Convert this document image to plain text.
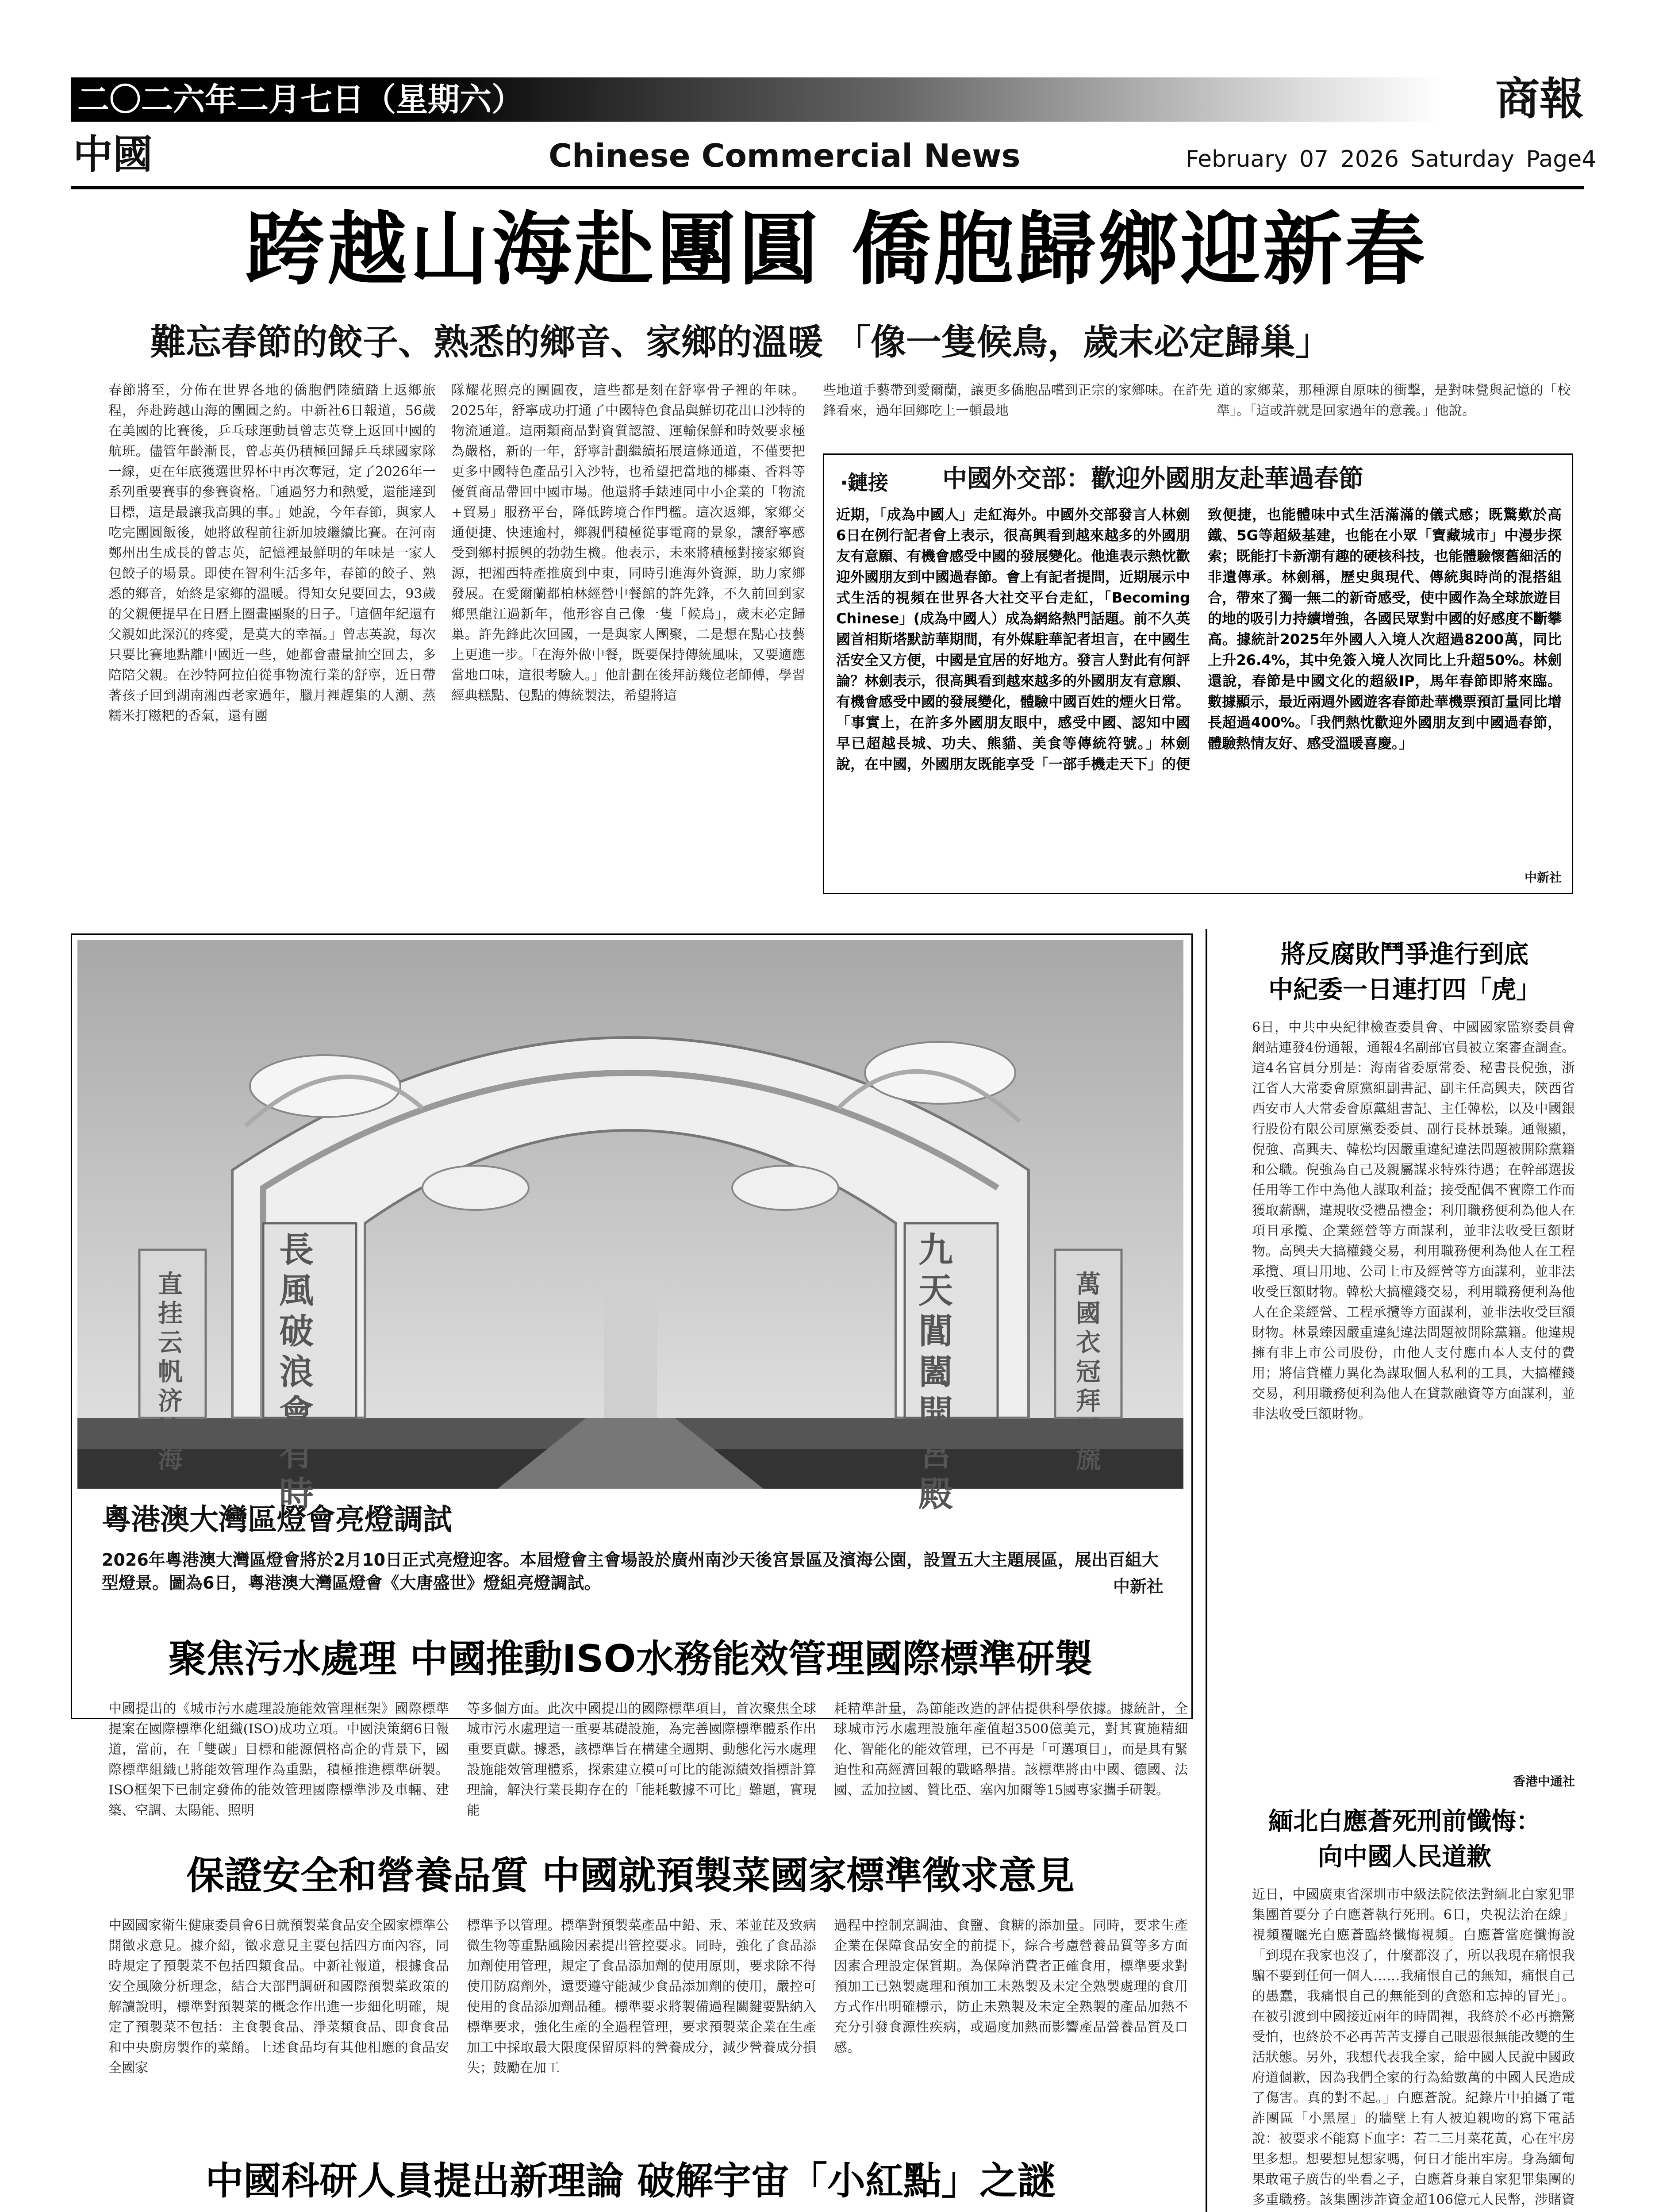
二〇二六年二月七日（星期六）	商報
中國	Chinese Commercial News	February 07 2026 Saturday Page4
跨越山海赴團圓 僑胞歸鄉迎新春
難忘春節的餃子、熟悉的鄉音、家鄉的溫暖 「像一隻候鳥，歲末必定歸巢」
春節將至，分佈在世界各地的僑胞們陸續踏上返鄉旅程，奔赴跨越山海的團圓之約。中新社6日報道，56歲在美國的比賽後，乒乓球運動員曾志英登上返回中國的航班。儘管年齡漸長，曾志英仍積極回歸乒乓球國家隊一線，更在年底獲選世界杯中再次奪冠，定了2026年一系列重要賽事的參賽資格。「通過努力和熱愛，還能達到目標，這是最讓我高興的事。」她說，今年春節，與家人吃完團圓飯後，她將啟程前往新加坡繼續比賽。在河南鄭州出生成長的曾志英，記憶裡最鮮明的年味是一家人包餃子的場景。即使在智利生活多年，春節的餃子、熟悉的鄉音，始終是家鄉的溫暖。得知女兒要回去，93歲的父親便提早在日曆上圈畫團聚的日子。「這個年紀還有父親如此深沉的疼愛，是莫大的幸福。」曾志英說，每次只要比賽地點離中國近一些，她都會盡量抽空回去，多陪陪父親。在沙特阿拉伯從事物流行業的舒寧，近日帶著孩子回到湖南湘西老家過年，臘月裡趕集的人潮、蒸糯米打糍粑的香氣，還有團
隊耀花照亮的團圓夜，這些都是刻在舒寧骨子裡的年味。2025年，舒寧成功打通了中國特色食品與鮮切花出口沙特的物流通道。這兩類商品對資質認證、運輸保鮮和時效要求極為嚴格，新的一年，舒寧計劃繼續拓展這條通道，不僅要把更多中國特色產品引入沙特，也希望把當地的椰棗、香料等優質商品帶回中國市場。他還將手錶連同中小企業的「物流+貿易」服務平台，降低跨境合作門檻。這次返鄉，家鄉交通便捷、快速逾村，鄉親們積極從事電商的景象，讓舒寧感受到鄉村振興的勃勃生機。他表示，未來將積極對接家鄉資源，把湘西特產推廣到中東，同時引進海外資源，助力家鄉發展。在愛爾蘭都柏林經營中餐館的許先鋒，不久前回到家鄉黑龍江過新年，他形容自己像一隻「候鳥」，歲末必定歸巢。許先鋒此次回國，一是與家人團聚，二是想在點心技藝上更進一步。「在海外做中餐，既要保持傳統風味，又要適應當地口味，這很考驗人。」他計劃在後拜訪幾位老師傅，學習經典糕點、包點的傳統製法，希望將這
些地道手藝帶到愛爾蘭，讓更多僑胞品嚐到正宗的家鄉味。在許先鋒看來，過年回鄉吃上一頓最地
道的家鄉菜，那種源自原味的衝擊，是對味覺與記憶的「校準」。「這或許就是回家過年的意義。」他說。
‧鏈接 中國外交部：歡迎外國朋友赴華過春節
近期，「成為中國人」走紅海外。中國外交部發言人林劍6日在例行記者會上表示，很高興看到越來越多的外國朋友有意願、有機會感受中國的發展變化。他進表示熱忱歡迎外國朋友到中國過春節。會上有記者提問，近期展示中式生活的視頻在世界各大社交平台走紅，「Becoming Chinese」(成為中國人）成為網絡熱門話題。前不久英國首相斯塔默訪華期間，有外媒駐華記者坦言，在中國生活安全又方便，中國是宜居的好地方。發言人對此有何評論？林劍表示，很高興看到越來越多的外國朋友有意願、有機會感受中國的發展變化，體驗中國百姓的煙火日常。「事實上，在許多外國朋友眼中，感受中國、認知中國早已超越長城、功夫、熊貓、美食等傳統符號。」林劍說，在中國，外國朋友既能享受「一部手機走天下」的便
致便捷，也能體味中式生活滿滿的儀式感；既驚歎於高鐵、5G等超級基建，也能在小眾「寶藏城市」中漫步探索；既能打卡新潮有趣的硬核科技，也能體驗懷舊細活的非遺傳承。林劍稱，歷史與現代、傳統與時尚的混搭組合，帶來了獨一無二的新奇感受，使中國作為全球旅遊目的地的吸引力持續增強，各國民眾對中國的好感度不斷攀高。據統計2025年外國人入境人次超過8200萬，同比上升26.4%，其中免簽入境人次同比上升超50%。林劍還說，春節是中國文化的超級IP，馬年春節即將來臨。數據顯示，最近兩週外國遊客春節赴華機票預訂量同比增長超過400%。「我們熱忱歡迎外國朋友到中國過春節，體驗熱情友好、感受溫暖喜慶。」
中新社
長風破浪會有時
直挂云帆济沧海
九天閶闔開宮殿
萬國衣冠拜冕旒
粵港澳大灣區燈會亮燈調試
2026年粵港澳大灣區燈會將於2月10日正式亮燈迎客。本屆燈會主會場設於廣州南沙天後宮景區及濱海公園，設置五大主題展區，展出百組大型燈景。圖為6日，粵港澳大灣區燈會《大唐盛世》燈組亮燈調試。	中新社
聚焦污水處理 中國推動ISO水務能效管理國際標準研製
中國提出的《城市污水處理設施能效管理框架》國際標準提案在國際標準化組織(ISO)成功立項。中國決策網6日報道，當前，在「雙碳」目標和能源價格高企的背景下，國際標準組織已將能效管理作為重點，積極推進標準研製。ISO框架下已制定發佈的能效管理國際標準涉及車輛、建築、空調、太陽能、照明
等多個方面。此次中國提出的國際標準項目，首次聚焦全球城市污水處理這一重要基礎設施，為完善國際標準體系作出重要貢獻。據悉，該標準旨在構建全週期、動態化污水處理設施能效管理體系，探索建立模可可比的能源績效指標計算理論，解決行業長期存在的「能耗數據不可比」難題，實現能
耗精準計量，為節能改造的評估提供科學依據。據統計，全球城市污水處理設施年產值超3500億美元，對其實施精細化、智能化的能效管理，已不再是「可選項目」，而是具有緊迫性和高經濟回報的戰略舉措。該標準將由中國、德國、法國、孟加拉國、贊比亞、塞內加爾等15國專家攜手研製。
保證安全和營養品質 中國就預製菜國家標準徵求意見
中國國家衛生健康委員會6日就預製菜食品安全國家標準公開徵求意見。據介紹，徵求意見主要包括四方面內容，同時規定了預製菜不包括四類食品。中新社報道，根據食品安全風險分析理念，結合大部門調研和國際預製菜政策的解讀說明，標準對預製菜的概念作出進一步細化明確，規定了預製菜不包括：主食製食品、淨菜類食品、即食食品和中央廚房製作的菜餚。上述食品均有其他相應的食品安全國家
標準予以管理。標準對預製菜產品中鉛、汞、苯並芘及致病微生物等重點風險因素提出管控要求。同時，強化了食品添加劑使用管理，規定了食品添加劑的使用原則，要求除不得使用防腐劑外，還要遵守能減少食品添加劑的使用，嚴控可使用的食品添加劑品種。標準要求將製備過程關鍵要點納入標準要求，強化生產的全過程管理，要求預製菜企業在生產加工中採取最大限度保留原料的營養成分，減少營養成分損失；鼓勵在加工
過程中控制烹調油、食鹽、食糖的添加量。同時，要求生產企業在保障食品安全的前提下，綜合考慮營養品質等多方面因素合理設定保質期。為保障消費者正確食用，標準要求對預加工已熟製處理和預加工未熟製及未定全熟製處理的食用方式作出明確標示，防止未熟製及未定全熟製的產品加熱不充分引發食源性疾病，或過度加熱而影響產品營養品質及口感。
中國科研人員提出新理論 破解宇宙「小紅點」之謎
將反腐敗鬥爭進行到底
中紀委一日連打四「虎」
6日，中共中央紀律檢查委員會、中國國家監察委員會網站連發4份通報，通報4名副部官員被立案審查調查。這4名官員分別是：海南省委原常委、秘書長倪強，浙江省人大常委會原黨組副書記、副主任高興夫，陝西省西安市人大常委會原黨組書記、主任韓松，以及中國銀行股份有限公司原黨委委員、副行長林景臻。通報顯，倪強、高興夫、韓松均因嚴重違紀違法問題被開除黨籍和公職。倪強為自己及親屬謀求特殊待遇；在幹部選拔任用等工作中為他人謀取利益；接受配偶不實際工作而獲取薪酬，違規收受禮品禮金；利用職務便利為他人在項目承攬、企業經營等方面謀利，並非法收受巨額財物。高興夫大搞權錢交易，利用職務便利為他人在工程承攬、項目用地、公司上市及經營等方面謀利，並非法收受巨額財物。韓松大搞權錢交易，利用職務便利為他人在企業經營、工程承攬等方面謀利，並非法收受巨額財物。林景臻因嚴重違紀違法問題被開除黨籍。他違規擁有非上市公司股份，由他人支付應由本人支付的費用；將信貸權力異化為謀取個人私利的工具，大搞權錢交易，利用職務便利為他人在貸款融資等方面謀利，並非法收受巨額財物。
香港中通社
緬北白應蒼死刑前懺悔：
向中國人民道歉
近日，中國廣東省深圳市中級法院依法對緬北白家犯罪集團首要分子白應蒼執行死刑。6日，央視法治在線」視頻覆曬光白應蒼臨終懺悔視頻。白應蒼當庭懺悔說「到現在我家也沒了，什麼都沒了，所以我現在痛恨我騙不要到任何一個人……我痛恨自己的無知，痛恨自己的愚蠢，我痛恨自己的無能到的貪慾和忘掉的冒光」。在被引渡到中國接近兩年的時間裡，我終於不必再擔驚受怕，也終於不必再苦苦支撐自己眼惡很無能改變的生活狀態。另外，我想代表我全家，給中國人民說中國政府道個歉，因為我們全家的行為給數萬的中國人民造成了傷害。真的對不起。」白應蒼說。紀錄片中拍攝了電詐團區「小黑屋」的牆壁上有人被迫親吻的寫下電話說：被要求不能寫下血字：若二三月菜花黃，心在牢房里多想。想要想見想家嗎，何日才能出牢房。身為緬甸果敢電子廣告的坐看之子，白應蒼身兼自家犯罪集團的多重職務。該集團涉詐資金超106億元人民幣，涉賭資
